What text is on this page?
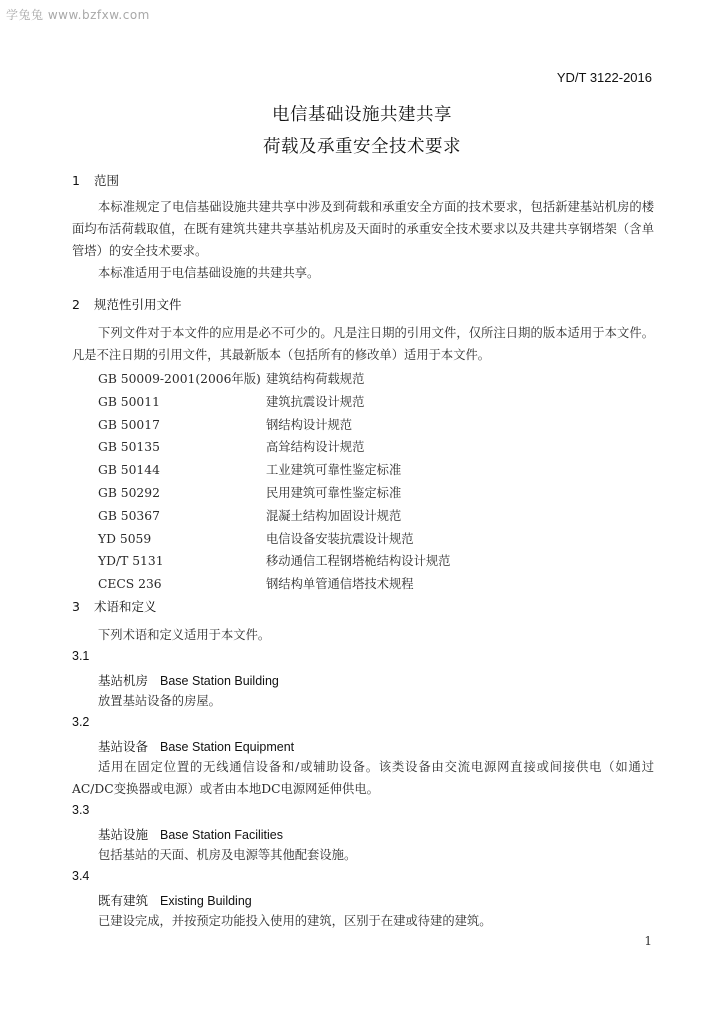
学兔兔 www.bzfxw.com
YD/T 3122-2016
电信基础设施共建共享
荷载及承重安全技术要求
1 范围
本标准规定了电信基础设施共建共享中涉及到荷载和承重安全方面的技术要求，包括新建基站机房的楼面均布活荷载取值，在既有建筑共建共享基站机房及天面时的承重安全技术要求以及共建共享钢塔架（含单管塔）的安全技术要求。
本标准适用于电信基础设施的共建共享。
2 规范性引用文件
下列文件对于本文件的应用是必不可少的。凡是注日期的引用文件，仅所注日期的版本适用于本文件。凡是不注日期的引用文件，其最新版本（包括所有的修改单）适用于本文件。
GB 50009-2001(2006年版) 建筑结构荷载规范
GB 50011	建筑抗震设计规范
GB 50017	钢结构设计规范
GB 50135	高耸结构设计规范
GB 50144	工业建筑可靠性鉴定标准
GB 50292	民用建筑可靠性鉴定标准
GB 50367	混凝土结构加固设计规范
YD 5059	电信设备安装抗震设计规范
YD/T 5131	移动通信工程钢塔桅结构设计规范
CECS 236	钢结构单管通信塔技术规程
3 术语和定义
下列术语和定义适用于本文件。
3.1
基站机房 Base Station Building
放置基站设备的房屋。
3.2
基站设备 Base Station Equipment
适用在固定位置的无线通信设备和/或辅助设备。该类设备由交流电源网直接或间接供电（如通过AC/DC变换器或电源）或者由本地DC电源网延伸供电。
3.3
基站设施 Base Station Facilities
包括基站的天面、机房及电源等其他配套设施。
3.4
既有建筑 Existing Building
已建设完成，并按预定功能投入使用的建筑，区别于在建或待建的建筑。
1
